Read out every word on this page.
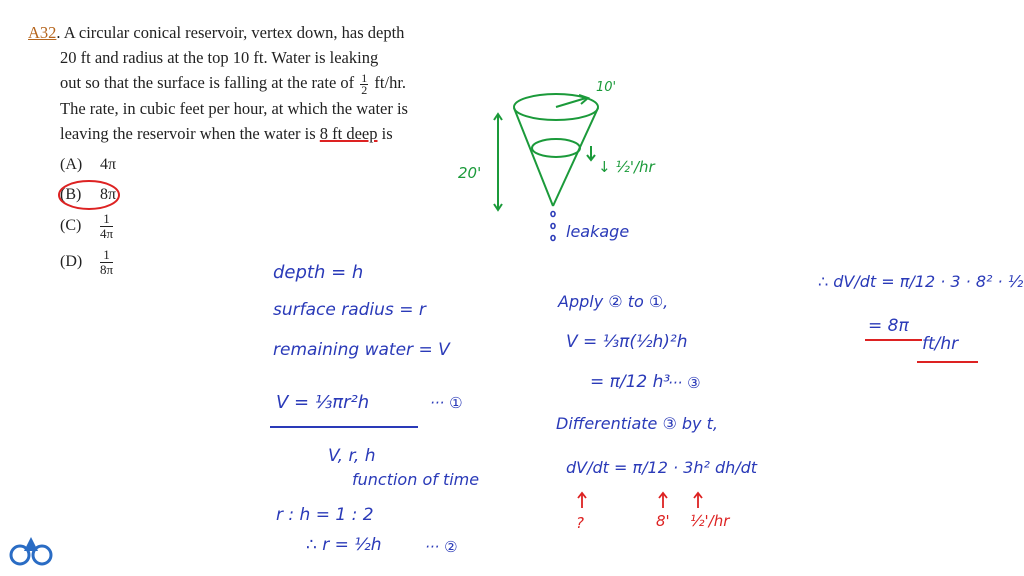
A32. A circular conical reservoir, vertex down, has depth
20 ft and radius at the top 10 ft. Water is leaking
out so that the surface is falling at the rate of $\frac{1}{2} ft/hr$.
The rate, in cubic feet per hour, at which the water is
leaving the reservoir when the water is 8 ft deep is
(A) 4π
(B) 8π
$(C) \frac{1}{4\pi}$
$(D) \frac{1}{8\pi}$
10'
20'	↓ ½'/hr
leakage
depth = h
surface radius = r
remaining water = V
V = ⅓πr²h	··· ①
V, r, h
function of time
r : h = 1 : 2
∴ r = ½h	··· ②
Apply ② to ①,
V = ⅓π(½h)²h
= π/12 h³
··· ③
Differentiate ③ by t,
dV/dt = π/12 · 3h² dh/dt
?	8' ½'/hr
∴ dV/dt = π/12 · 3 · 8² · ½
= 8π
ft/hr
